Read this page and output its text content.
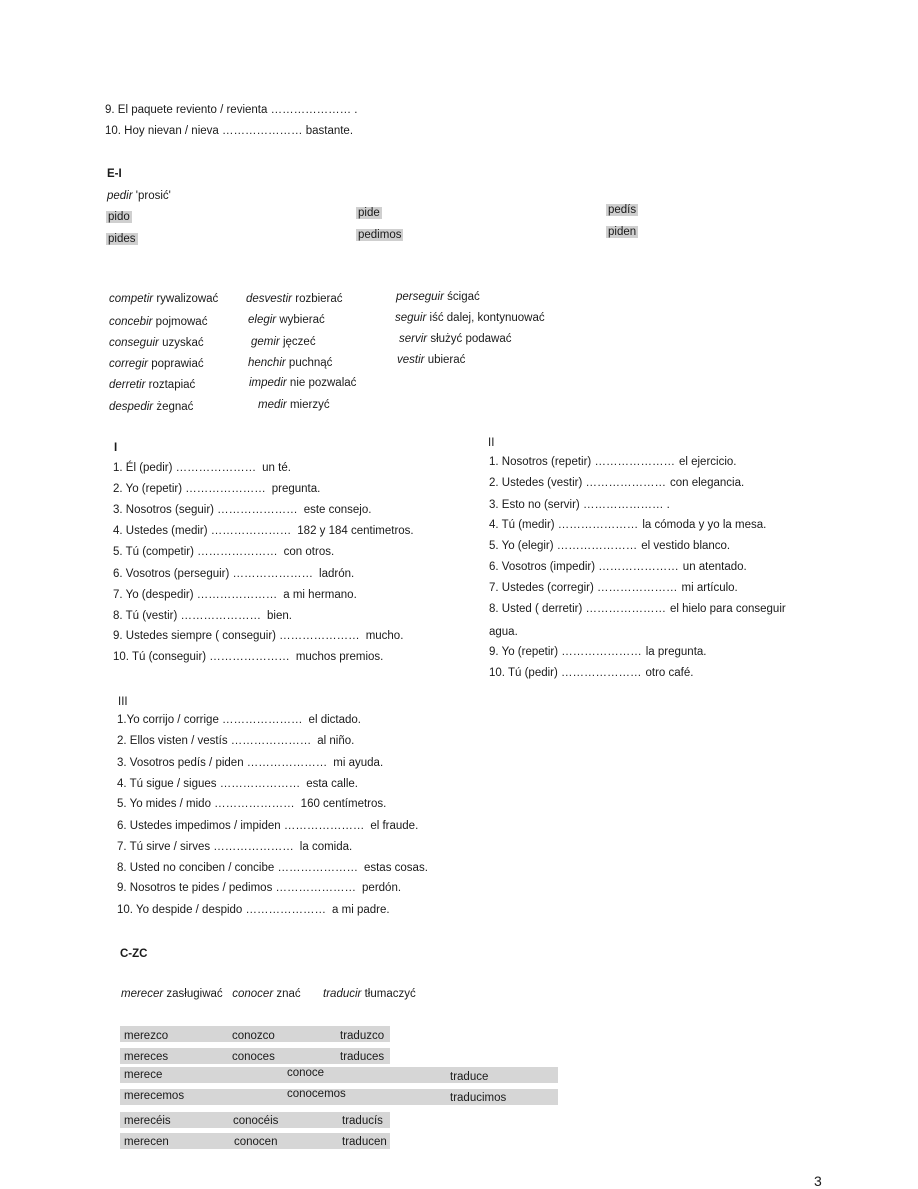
9. El paquete reviento / revienta ………………… .
10. Hoy nievan / nieva ………………… bastante.
E-I
pedir 'prosić'
pido
pides
pide
pedimos
pedís
piden
competir rywalizować
concebir pojmować
conseguir uzyskać
corregir poprawiać
derretir roztapiać
despedir żegnać
desvestir rozbierać
elegir wybierać
gemir jęczeć
henchir puchnąć
impedir nie pozwalać
medir mierzyć
perseguir ścigać
seguir iść dalej, kontynuować
servir służyć podawać
vestir ubierać
I
1. Él (pedir) ………………… un té.
2. Yo (repetir) ………………… pregunta.
3. Nosotros (seguir) ………………… este consejo.
4. Ustedes (medir) ………………… 182 y 184 centimetros.
5. Tú (competir) ………………… con otros.
6. Vosotros (perseguir) ………………… ladrón.
7. Yo (despedir) ………………… a mi hermano.
8. Tú (vestir) ………………… bien.
9. Ustedes siempre ( conseguir) ………………… mucho.
10. Tú (conseguir) ………………… muchos premios.
II
1. Nosotros (repetir) ………………… el ejercicio.
2. Ustedes (vestir) ………………… con elegancia.
3. Esto no (servir) ………………… .
4. Tú (medir) ………………… la cómoda y yo la mesa.
5. Yo (elegir) ………………… el vestido blanco.
6. Vosotros (impedir) ………………… un atentado.
7. Ustedes (corregir) ………………… mi artículo.
8. Usted ( derretir) ………………… el hielo para conseguir
agua.
9. Yo (repetir) ………………… la pregunta.
10. Tú (pedir) ………………… otro café.
III
1.Yo corrijo / corrige ………………… el dictado.
2. Ellos visten / vestís ………………… al niño.
3. Vosotros pedís / piden ………………… mi ayuda.
4. Tú sigue / sigues ………………… esta calle.
5. Yo mides / mido ………………… 160 centímetros.
6. Ustedes impedimos / impiden ………………… el fraude.
7. Tú sirve / sirves ………………… la comida.
8. Usted no conciben / concibe ………………… estas cosas.
9. Nosotros te pides / pedimos ………………… perdón.
10. Yo despide / despido ………………… a mi padre.
C-ZC
merecer zasługiwać conocer znać traducir tłumaczyć
merezco
mereces
merece
merecemos
merecéis
merecen
conozco
conoces
conoce
conocemos
conocéis
conocen
traduzco
traduces
traduce
traducimos
traducís
traducen
3
